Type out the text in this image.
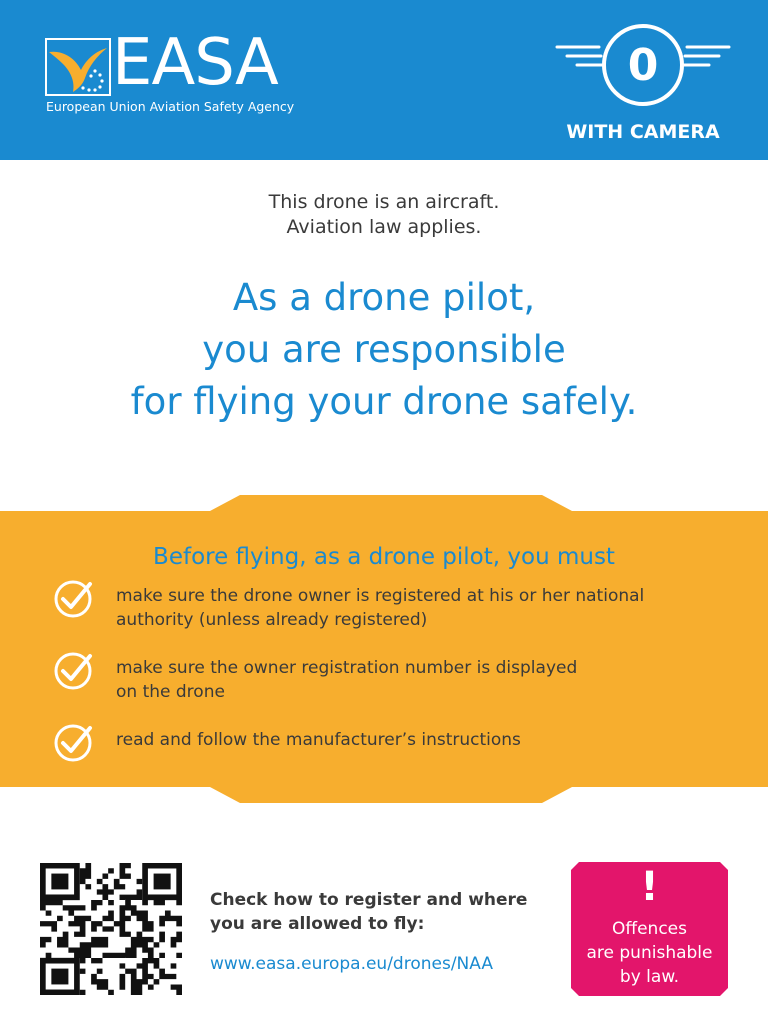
EASA
European Union Aviation Safety Agency
0
WITH CAMERA
This drone is an aircraft.
Aviation law applies.
As a drone pilot,
you are responsible
for flying your drone safely.
Before flying, as a drone pilot, you must
make sure the drone owner is registered at his or her national
authority (unless already registered)
make sure the owner registration number is displayed
on the drone
read and follow the manufacturer’s instructions
Check how to register and where
you are allowed to fly:
www.easa.europa.eu/drones/NAA
!
Offences
are punishable
by law.
